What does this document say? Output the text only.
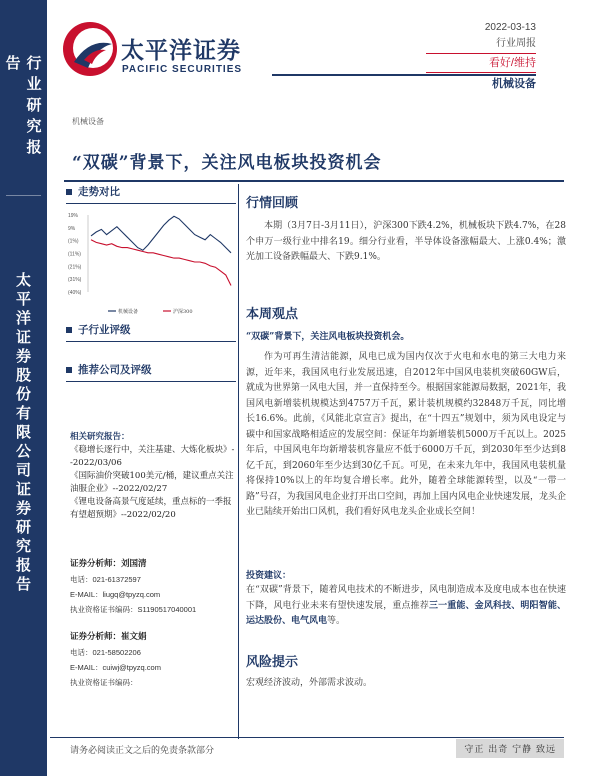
行业研究报告
太平洋证券股份有限公司证券研究报告
太平洋证券
PACIFIC SECURITIES
2022-03-13
行业周报
看好/维持
机械设备
机械设备
“双碳”背景下，关注风电板块投资机会
走势对比
19%
9%
(1%)
(11%)
(21%)
(31%)
(40%)
机械设备	沪深300
子行业评级
推荐公司及评级
相关研究报告：
《稳增长逐行中，关注基建、大炼化板块》--2022/03/06
《国际油价突破100美元/桶，建议重点关注油服企业》--2022/02/27
《锂电设备高景气度延续，重点标的一季报有望超预期》--2022/02/20
证券分析师：刘国清
电话：021-61372597
E-MAIL：liugq@tpyzq.com
执业资格证书编码：S1190517040001
证券分析师：崔文娟
电话：021-58502206
E-MAIL：cuiwj@tpyzq.com
执业资格证书编码：
行情回顾
本期（3月7日-3月11日），沪深300下跌4.2%，机械板块下跌4.7%，在28个申万一级行业中排名19。细分行业看，半导体设备涨幅最大、上涨0.4%；激光加工设备跌幅最大、下跌9.1%。
本周观点
“双碳”背景下，关注风电板块投资机会。
作为可再生清洁能源，风电已成为国内仅次于火电和水电的第三大电力来源，近年来，我国风电行业发展迅速，自2012年中国风电装机突破60GW后，就成为世界第一风电大国，并一直保持至今。根据国家能源局数据，2021年，我国风电新增装机规模达到4757万千瓦，累计装机规模约32848万千瓦，同比增长16.6%。此前，《风能北京宣言》提出，在“十四五”规划中，须为风电设定与碳中和国家战略相适应的发展空间：保证年均新增装机5000万千瓦以上。2025年后，中国风电年均新增装机容量应不低于6000万千瓦，到2030年至少达到8亿千瓦，到2060年至少达到30亿千瓦。可见，在未来九年中，我国风电装机量将保持10%以上的年均复合增长率。此外，随着全球能源转型，以及“一带一路”号召，为我国风电企业打开出口空间，再加上国内风电企业快速发展，龙头企业已陆续开始出口风机，我们看好风电龙头企业成长空间！
投资建议：
在“双碳”背景下，随着风电技术的不断进步，风电制造成本及度电成本也在快速下降，风电行业未来有望快速发展，重点推荐三一重能、金风科技、明阳智能、运达股份、电气风电等。
风险提示
宏观经济波动，外部需求波动。
请务必阅读正文之后的免责条款部分	守正 出奇 宁静 致远
